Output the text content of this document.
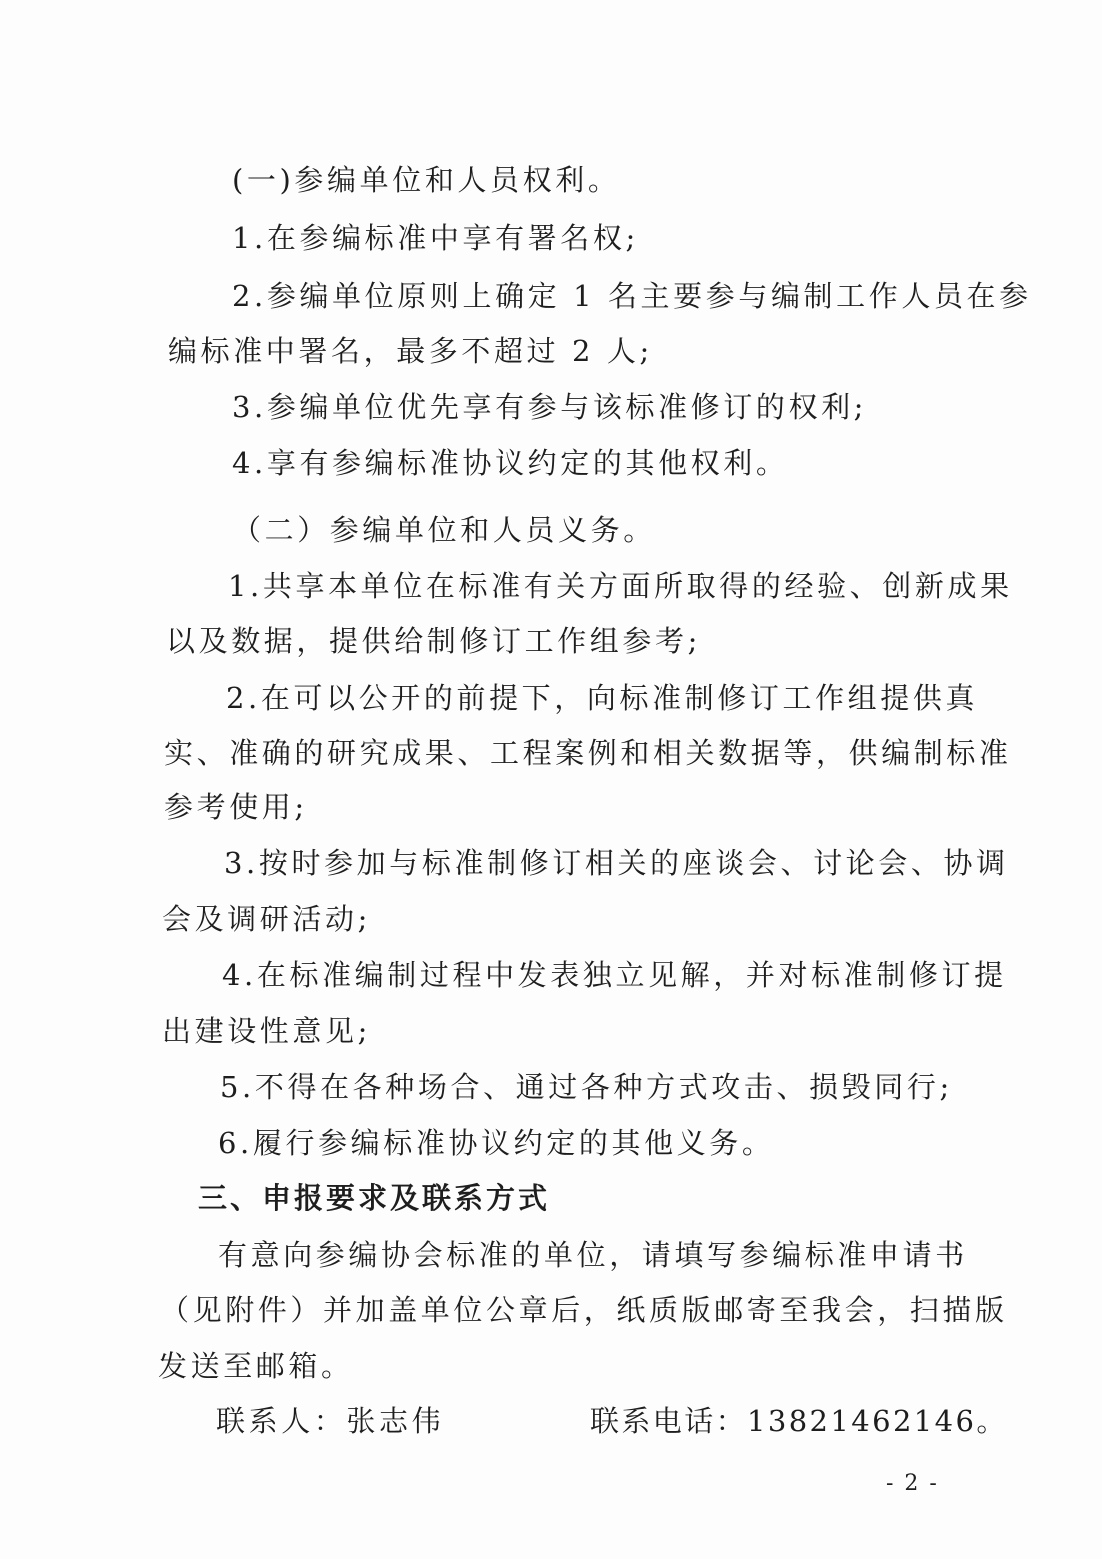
(一)参编单位和人员权利。
1.在参编标准中享有署名权;
2.参编单位原则上确定 1 名主要参与编制工作人员在参
编标准中署名，最多不超过 2 人;
3.参编单位优先享有参与该标准修订的权利;
4.享有参编标准协议约定的其他权利。
（二）参编单位和人员义务。
1.共享本单位在标准有关方面所取得的经验、创新成果
以及数据，提供给制修订工作组参考;
2.在可以公开的前提下，向标准制修订工作组提供真
实、准确的研究成果、工程案例和相关数据等，供编制标准
参考使用;
3.按时参加与标准制修订相关的座谈会、讨论会、协调
会及调研活动;
4.在标准编制过程中发表独立见解，并对标准制修订提
出建设性意见;
5.不得在各种场合、通过各种方式攻击、损毁同行;
6.履行参编标准协议约定的其他义务。
三、申报要求及联系方式
有意向参编协会标准的单位，请填写参编标准申请书
（见附件）并加盖单位公章后，纸质版邮寄至我会，扫描版
发送至邮箱。
联系人：张志伟	联系电话：13821462146。
- 2 -
